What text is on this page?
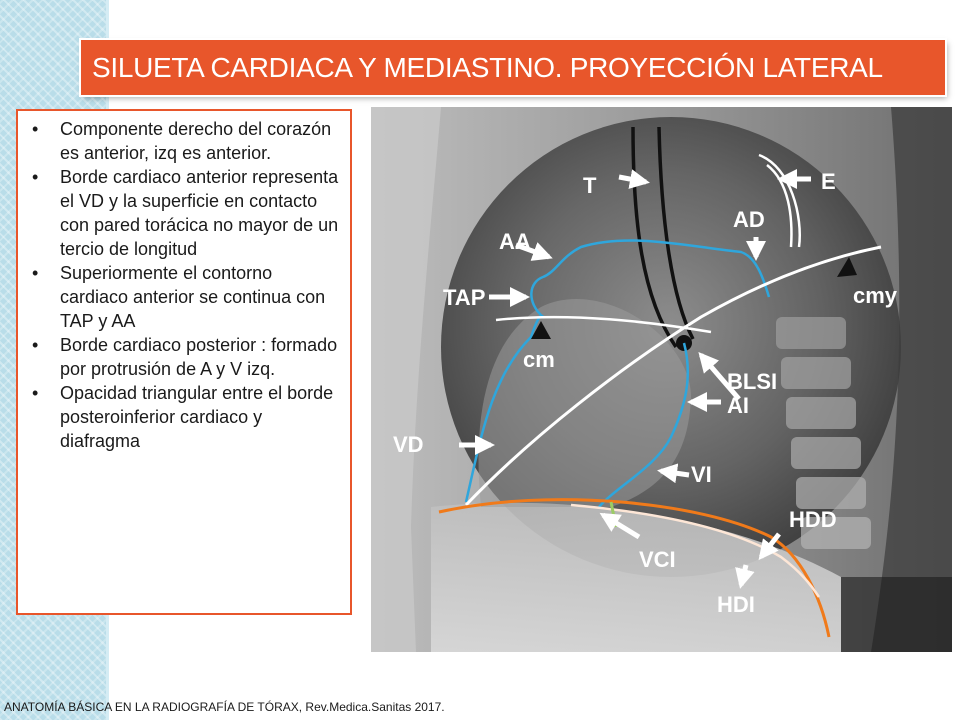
SILUETA CARDIACA Y MEDIASTINO. PROYECCIÓN LATERAL
• Componente derecho del corazón es anterior, izq es anterior.
• Borde cardiaco anterior representa el VD y la superficie en contacto con pared torácica no mayor de un tercio de longitud
• Superiormente el contorno cardiaco anterior se continua con TAP y AA
• Borde cardiaco posterior : formado por protrusión de A y V izq.
• Opacidad triangular entre el borde posteroinferior cardiaco y diafragma
T	E
AA
AD
TAP	cmy
cm
BLSI
AI
VD
VI
HDD
VCI
HDI
ANATOMÍA BÁSICA EN LA RADIOGRAFÍA DE TÓRAX, Rev.Medica.Sanitas 2017.
